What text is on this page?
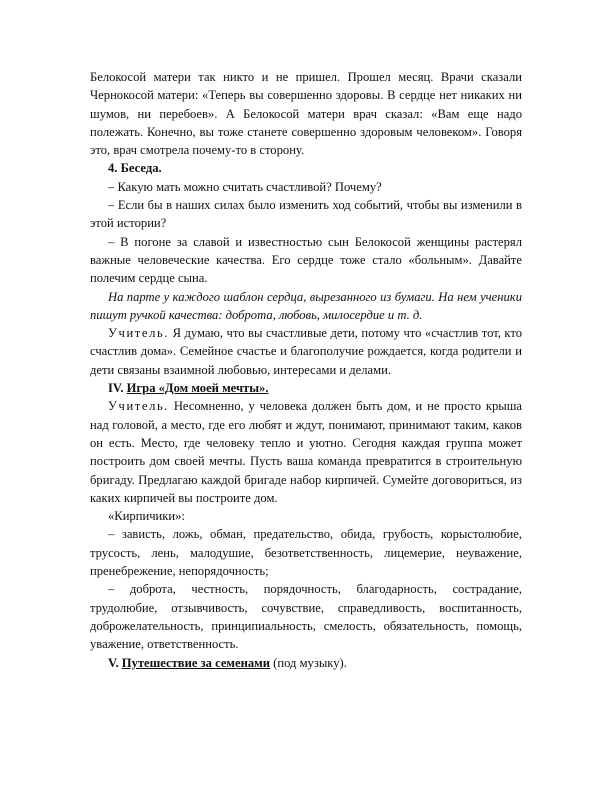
Белокосой матери так никто и не пришел. Прошел месяц. Врачи сказали Чернокосой матери: «Теперь вы совершенно здоровы. В сердце нет никаких ни шумов, ни перебоев». А Белокосой матери врач сказал: «Вам еще надо полежать. Конечно, вы тоже станете совершенно здоровым человеком». Говоря это, врач смотрела почему-то в сторону.

4. Беседа.

– Какую мать можно считать счастливой? Почему?

– Если бы в наших силах было изменить ход событий, чтобы вы изменили в этой истории?

– В погоне за славой и известностью сын Белокосой женщины растерял важные человеческие качества. Его сердце тоже стало «больным». Давайте полечим сердце сына.

На парте у каждого шаблон сердца, вырезанного из бумаги. На нем ученики пишут ручкой качества: доброта, любовь, милосердие и т. д.

Учитель. Я думаю, что вы счастливые дети, потому что «счастлив тот, кто счастлив дома». Семейное счастье и благополучие рождается, когда родители и дети связаны взаимной любовью, интересами и делами.

IV. Игра «Дом моей мечты».

Учитель. Несомненно, у человека должен быть дом, и не просто крыша над головой, а место, где его любят и ждут, понимают, принимают таким, каков он есть. Место, где человеку тепло и уютно. Сегодня каждая группа может построить дом своей мечты. Пусть ваша команда превратится в строительную бригаду. Предлагаю каждой бригаде набор кирпичей. Сумейте договориться, из каких кирпичей вы построите дом.

«Кирпичики»:

– зависть, ложь, обман, предательство, обида, грубость, корыстолюбие, трусость, лень, малодушие, безответственность, лицемерие, неуважение, пренебрежение, непорядочность;

– доброта, честность, порядочность, благодарность, сострадание, трудолюбие, отзывчивость, сочувствие, справедливость, воспитанность, доброжелательность, принципиальность, смелость, обязательность, помощь, уважение, ответственность.

V. Путешествие за семенами (под музыку).
